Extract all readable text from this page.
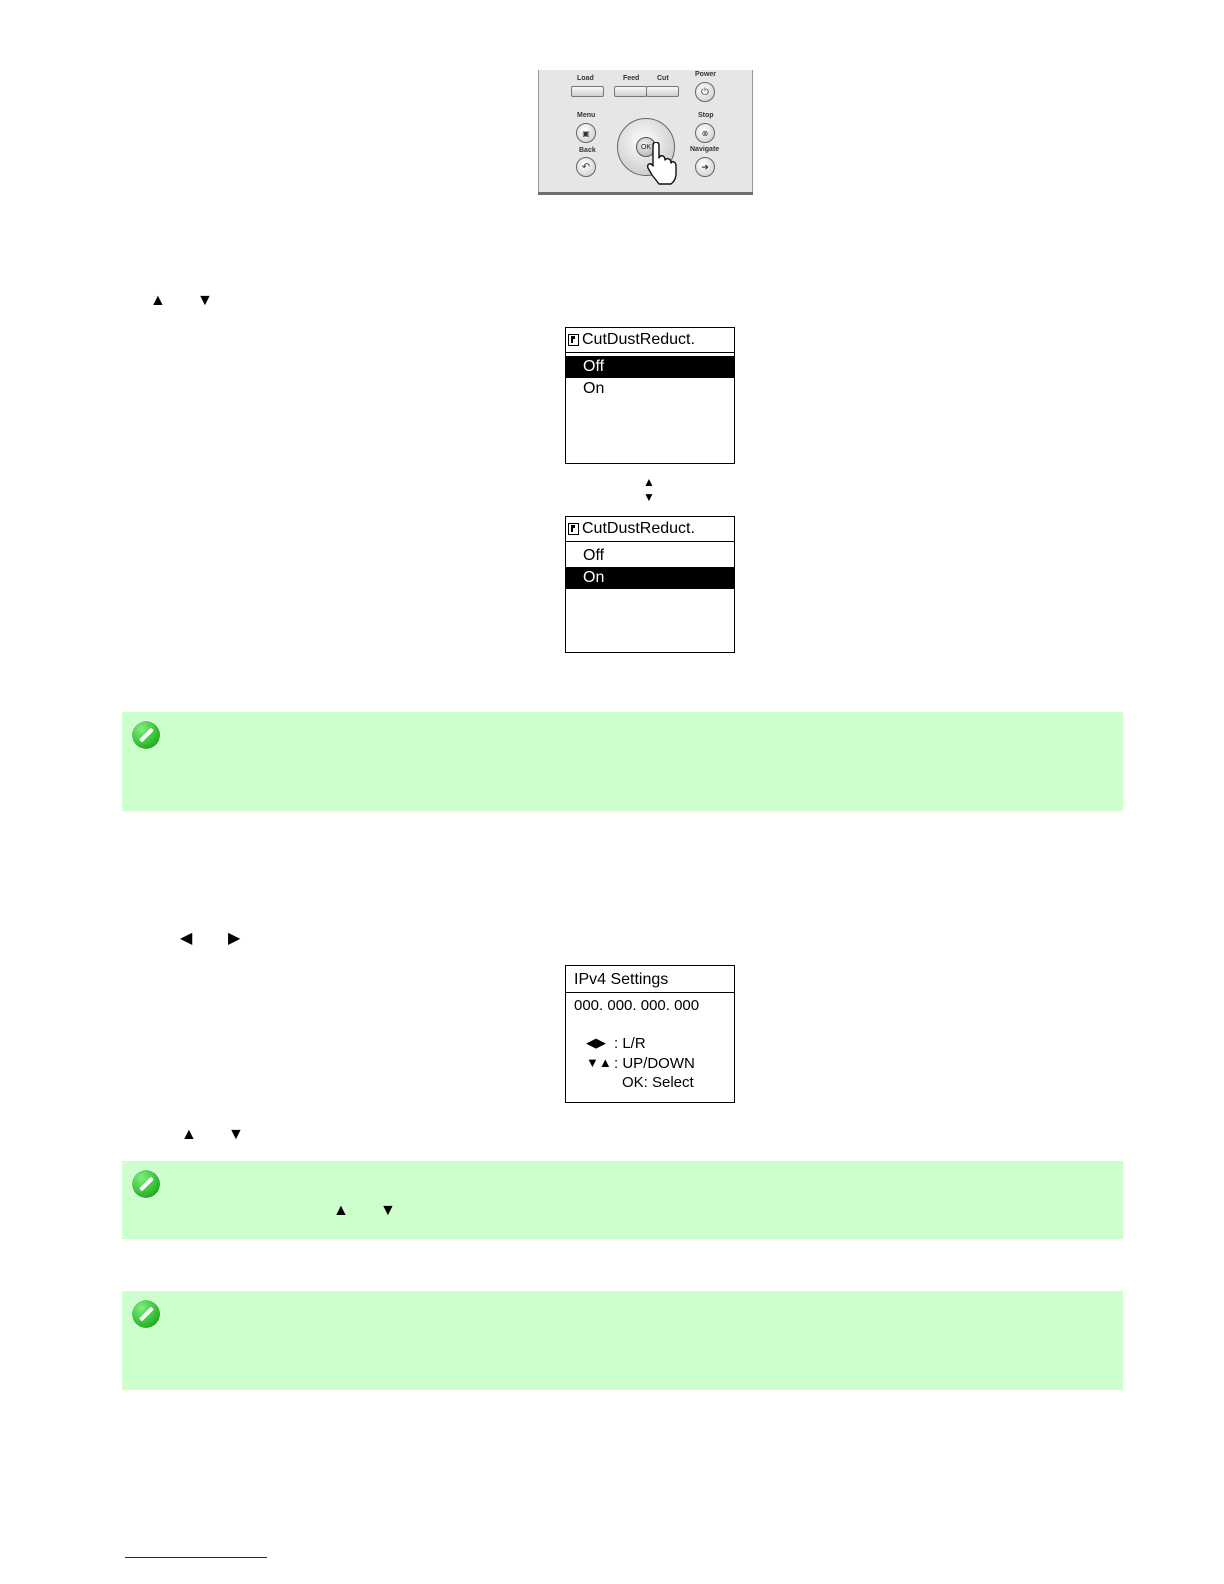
Load	Feed	Cut
Power
⏻
Menu	Stop
▣	⊗
OK
Back	Navigate
↶	➜
▲ ▼
CutDustReduct.
Off
On
▲
▼
CutDustReduct.
Off
On
◀ ▶
IPv4 Settings
000. 000. 000. 000
◀▶ : L/R
▼▲ : UP/DOWN
OK: Select
▲ ▼
▲ ▼
